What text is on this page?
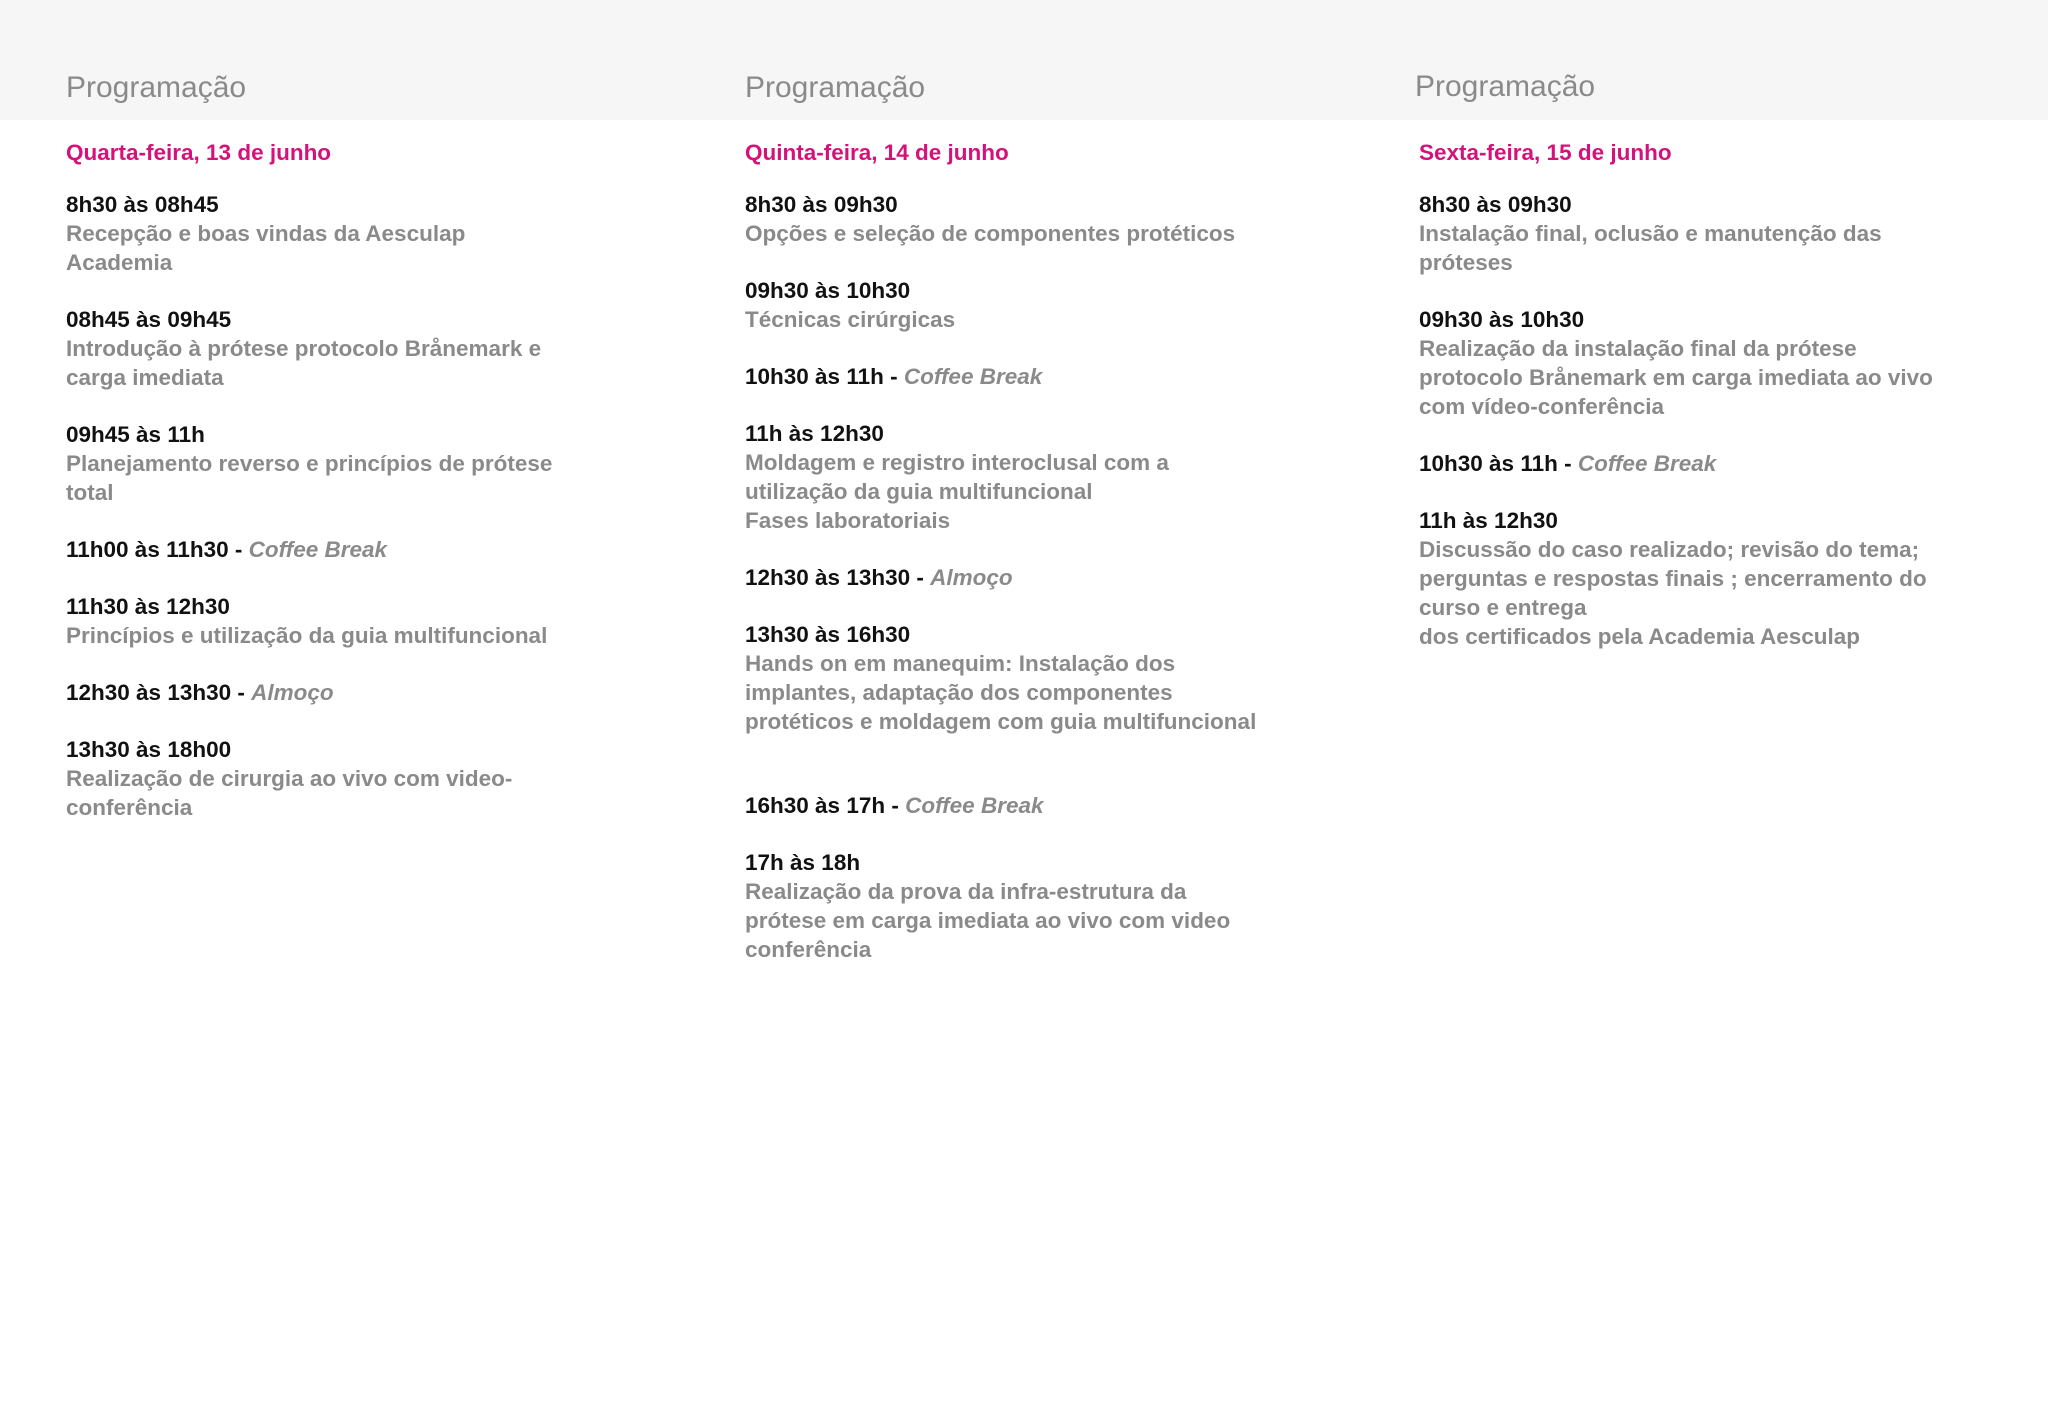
Programação
Quarta-feira, 13 de junho
8h30 às 08h45
Recepção e boas vindas da Aesculap
Academia
08h45 às 09h45
Introdução à prótese protocolo Brånemark e
carga imediata
09h45 às 11h
Planejamento reverso e princípios de prótese
total
11h00 às 11h30 - Coffee Break
11h30 às 12h30
Princípios e utilização da guia multifuncional
12h30 às 13h30 - Almoço
13h30 às 18h00
Realização de cirurgia ao vivo com video-
conferência
Programação
Quinta-feira, 14 de junho
8h30 às 09h30
Opções e seleção de componentes protéticos
09h30 às 10h30
Técnicas cirúrgicas
10h30 às 11h - Coffee Break
11h às 12h30
Moldagem e registro interoclusal com a
utilização da guia multifuncional
Fases laboratoriais
12h30 às 13h30 - Almoço
13h30 às 16h30
Hands on em manequim: Instalação dos
implantes, adaptação dos componentes
protéticos e moldagem com guia multifuncional
16h30 às 17h - Coffee Break
17h às 18h
Realização da prova da infra-estrutura da
prótese em carga imediata ao vivo com video
conferência
Programação
Sexta-feira, 15 de junho
8h30 às 09h30
Instalação final, oclusão e manutenção das
próteses
09h30 às 10h30
Realização da instalação final da prótese
protocolo Brånemark em carga imediata ao vivo
com vídeo-conferência
10h30 às 11h - Coffee Break
11h às 12h30
Discussão do caso realizado; revisão do tema;
perguntas e respostas finais ; encerramento do
curso e entrega
dos certificados pela Academia Aesculap
